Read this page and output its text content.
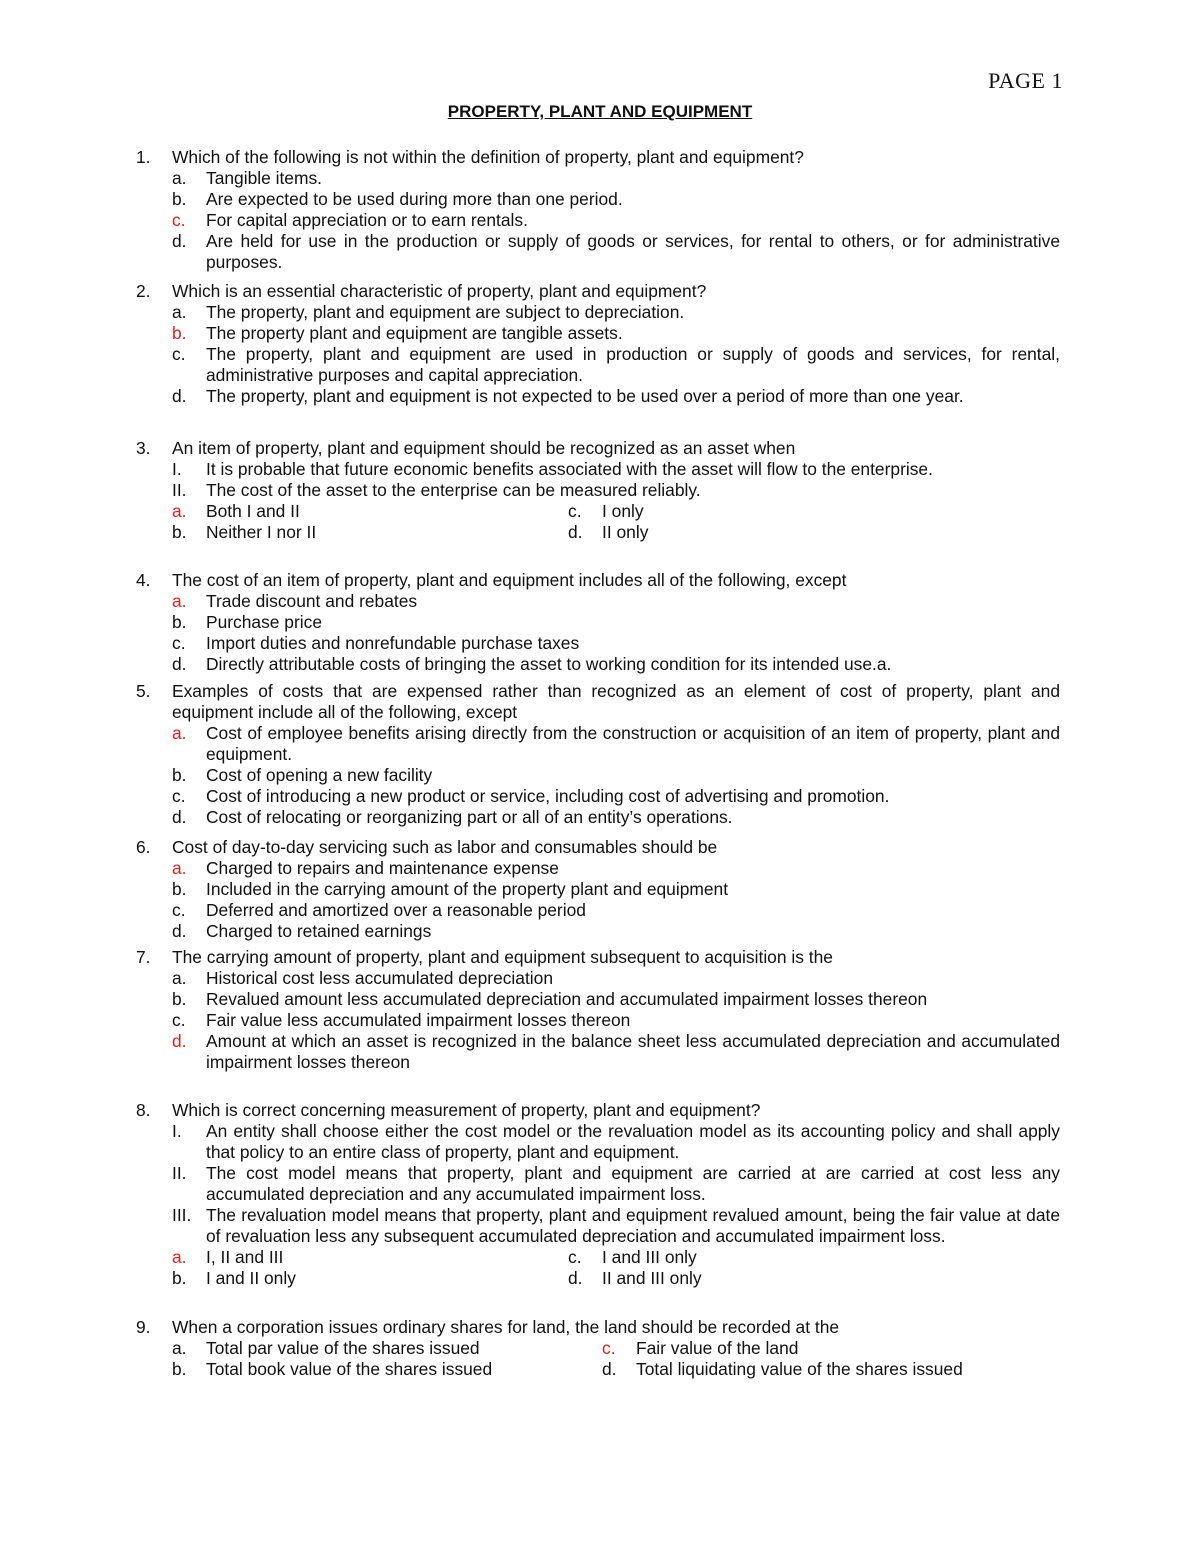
PAGE 1
PROPERTY, PLANT AND EQUIPMENT
1. Which of the following is not within the definition of property, plant and equipment?
a. Tangible items.
b. Are expected to be used during more than one period.
c. For capital appreciation or to earn rentals.
d. Are held for use in the production or supply of goods or services, for rental to others, or for administrative purposes.
2. Which is an essential characteristic of property, plant and equipment?
a. The property, plant and equipment are subject to depreciation.
b. The property plant and equipment are tangible assets.
c. The property, plant and equipment are used in production or supply of goods and services, for rental, administrative purposes and capital appreciation.
d. The property, plant and equipment is not expected to be used over a period of more than one year.
3. An item of property, plant and equipment should be recognized as an asset when
I. It is probable that future economic benefits associated with the asset will flow to the enterprise.
II. The cost of the asset to the enterprise can be measured reliably.
a. Both I and II	c. I only
b. Neither I nor II	d. II only
4. The cost of an item of property, plant and equipment includes all of the following, except
a. Trade discount and rebates
b. Purchase price
c. Import duties and nonrefundable purchase taxes
d. Directly attributable costs of bringing the asset to working condition for its intended use.a.
5. Examples of costs that are expensed rather than recognized as an element of cost of property, plant and equipment include all of the following, except
a. Cost of employee benefits arising directly from the construction or acquisition of an item of property, plant and equipment.
b. Cost of opening a new facility
c. Cost of introducing a new product or service, including cost of advertising and promotion.
d. Cost of relocating or reorganizing part or all of an entity’s operations.
6. Cost of day-to-day servicing such as labor and consumables should be
a. Charged to repairs and maintenance expense
b. Included in the carrying amount of the property plant and equipment
c. Deferred and amortized over a reasonable period
d. Charged to retained earnings
7. The carrying amount of property, plant and equipment subsequent to acquisition is the
a. Historical cost less accumulated depreciation
b. Revalued amount less accumulated depreciation and accumulated impairment losses thereon
c. Fair value less accumulated impairment losses thereon
d. Amount at which an asset is recognized in the balance sheet less accumulated depreciation and accumulated impairment losses thereon
8. Which is correct concerning measurement of property, plant and equipment?
I. An entity shall choose either the cost model or the revaluation model as its accounting policy and shall apply that policy to an entire class of property, plant and equipment.
II. The cost model means that property, plant and equipment are carried at are carried at cost less any accumulated depreciation and any accumulated impairment loss.
III. The revaluation model means that property, plant and equipment revalued amount, being the fair value at date of revaluation less any subsequent accumulated depreciation and accumulated impairment loss.
a. I, II and III	c. I and III only
b. I and II only	d. II and III only
9. When a corporation issues ordinary shares for land, the land should be recorded at the
a. Total par value of the shares issued	c. Fair value of the land
b. Total book value of the shares issued	d. Total liquidating value of the shares issued
